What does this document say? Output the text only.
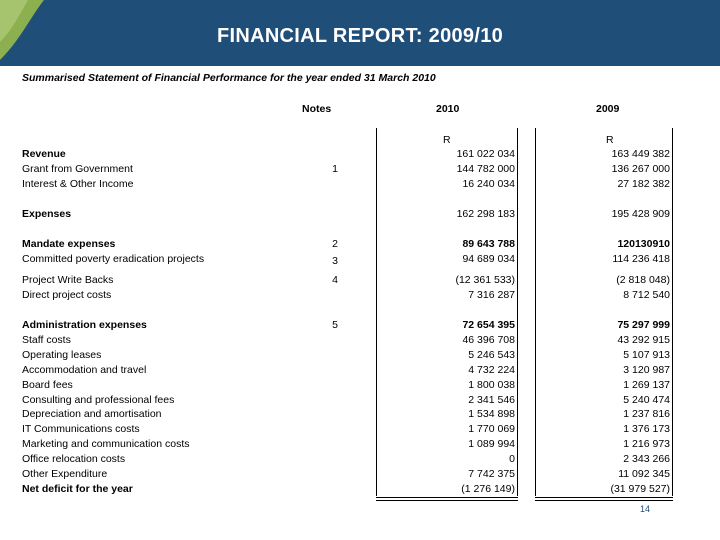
FINANCIAL REPORT: 2009/10
Summarised Statement of Financial Performance for the year ended 31 March 2010
Notes	2010	2009
R	R
Revenue	161 022 034	163 449 382
Grant from Government	1	144 782 000	136 267 000
Interest & Other Income	16 240 034	27 182 382
Expenses	162 298 183	195 428 909
Mandate expenses	2	89 643 788	120130910
Committed poverty eradication projects	3	94 689 034	114 236 418
Project Write Backs	4	(12 361 533)	(2 818 048)
Direct project costs	7 316 287	8 712 540
Administration expenses	5	72 654 395	75 297 999
Staff costs	46 396 708	43 292 915
Operating leases	5 246 543	5 107 913
Accommodation and travel	4 732 224	3 120 987
Board fees	1 800 038	1 269 137
Consulting and professional fees	2 341 546	5 240 474
Depreciation and amortisation	1 534 898	1 237 816
IT Communications costs	1 770 069	1 376 173
Marketing and communication costs	1 089 994	1 216 973
Office relocation costs	0	2 343 266
Other Expenditure	7 742 375	11 092 345
Net deficit for the year	(1 276 149)	(31 979 527)
14
